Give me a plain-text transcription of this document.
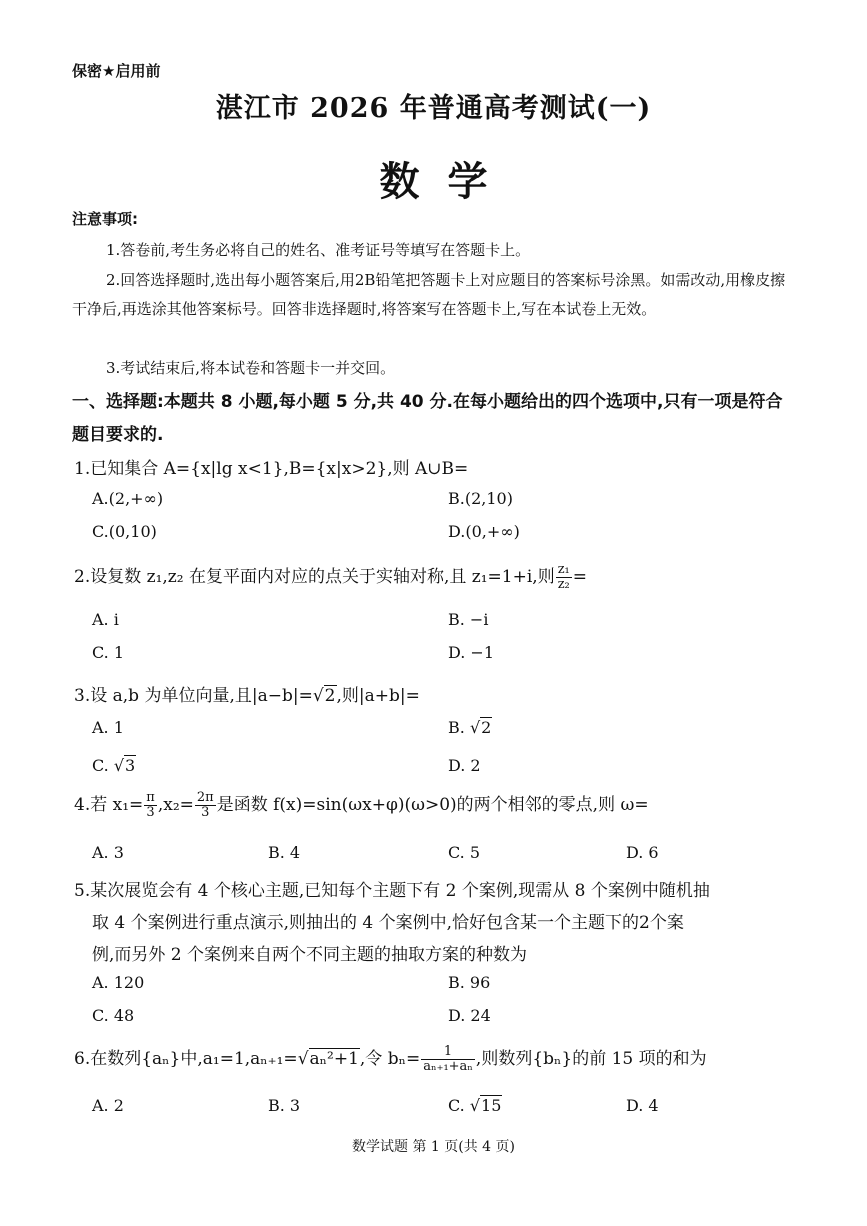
保密★启用前
湛江市 2026 年普通高考测试(一)
数学
注意事项:
1.答卷前,考生务必将自己的姓名、准考证号等填写在答题卡上。
2.回答选择题时,选出每小题答案后,用2B铅笔把答题卡上对应题目的答案标号涂黑。如需改动,用橡皮擦干净后,再选涂其他答案标号。回答非选择题时,将答案写在答题卡上,写在本试卷上无效。
3.考试结束后,将本试卷和答题卡一并交回。
一、选择题:本题共 8 小题,每小题 5 分,共 40 分.在每小题给出的四个选项中,只有一项是符合题目要求的.
1.已知集合 A={x|lg x<1},B={x|x>2},则 A∪B=
A.(2,+∞)	B.(2,10)
C.(0,10)	D.(0,+∞)
2.设复数 z₁,z₂ 在复平面内对应的点关于实轴对称,且 z₁=1+i,则 $\frac{\text{z₁}}{\text{z₂}}$ =
A. i	B. −i
C. 1	D. −1
3.设 a,b 为单位向量,且|a−b|=√2,则|a+b|=
A. 1	B. √2
C. √3	D. 2
4.若 $x_1= \frac{\pi}{3} ,x_2= \frac{2\pi}{3}$ 是函数 f(x)=sin(ωx+φ)(ω>0)的两个相邻的零点,则 ω=
A. 3	B. 4	C. 5	D. 6
5.某次展览会有 4 个核心主题,已知每个主题下有 2 个案例,现需从 8 个案例中随机抽
取 4 个案例进行重点演示,则抽出的 4 个案例中,恰好包含某一个主题下的2个案
例,而另外 2 个案例来自两个不同主题的抽取方案的种数为
A. 120	B. 96
C. 48	D. 24
6.在数列{aₙ}中,a₁=1,aₙ₊₁=√aₙ²+1,令 $b_n= \frac{1}{\text{aₙ₊₁+aₙ}}$ ,则数列{bₙ}的前 15 项的和为
A. 2	B. 3	C. √15	D. 4
数学试题 第 1 页(共 4 页)
